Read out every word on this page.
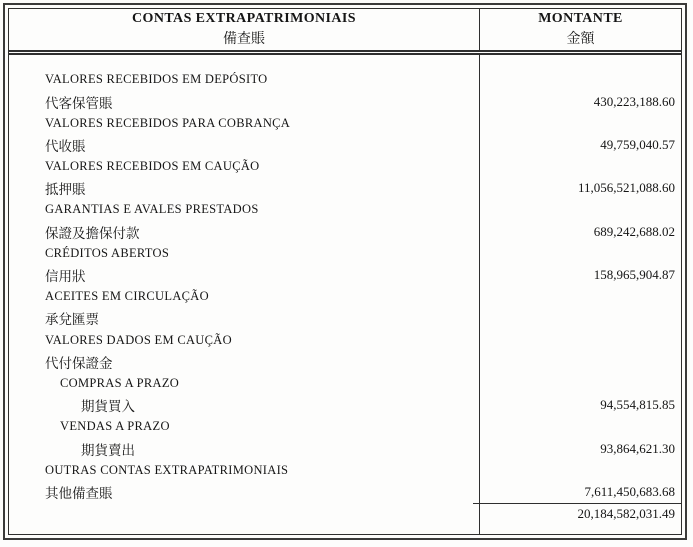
CONTAS EXTRAPATRIMONIAIS
備查賬
MONTANTE
金額
VALORES RECEBIDOS EM DEPÓSITO
代客保管賬	430,223,188.60
VALORES RECEBIDOS PARA COBRANÇA
代收賬	49,759,040.57
VALORES RECEBIDOS EM CAUÇÃO
抵押賬	11,056,521,088.60
GARANTIAS E AVALES PRESTADOS
保證及擔保付款	689,242,688.02
CRÉDITOS ABERTOS
信用狀	158,965,904.87
ACEITES EM CIRCULAÇÃO
承兌匯票
VALORES DADOS EM CAUÇÃO
代付保證金
COMPRAS A PRAZO
期貨買入	94,554,815.85
VENDAS A PRAZO
期貨賣出	93,864,621.30
OUTRAS CONTAS EXTRAPATRIMONIAIS
其他備查賬	7,611,450,683.68
20,184,582,031.49
